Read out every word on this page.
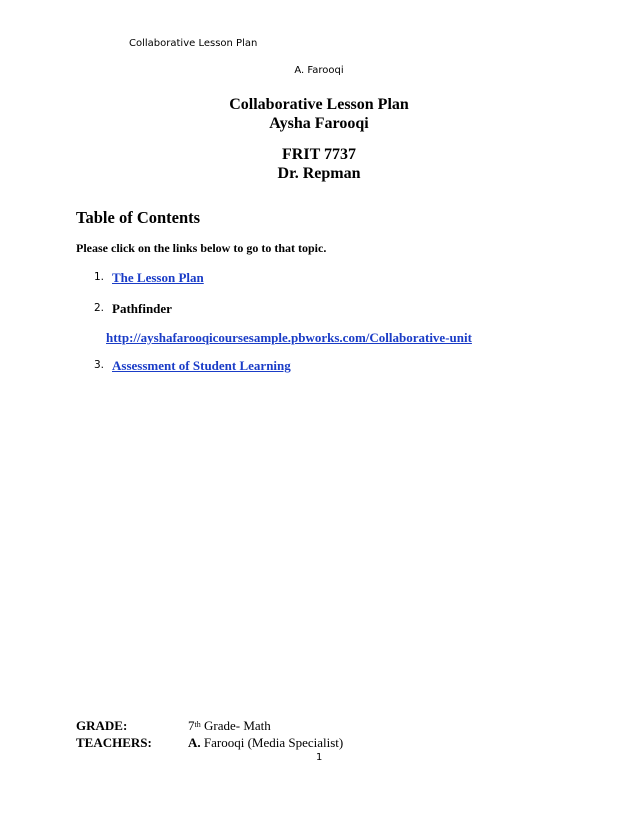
Collaborative Lesson Plan
A. Farooqi
Collaborative Lesson Plan
Aysha Farooqi
FRIT 7737
Dr. Repman
Table of Contents
Please click on the links below to go to that topic.
1. The Lesson Plan
2. Pathfinder
http://ayshafarooqicoursesample.pbworks.com/Collaborative-unit
3. Assessment of Student Learning
GRADE:	7th Grade- Math
TEACHERS:	A. Farooqi (Media Specialist)
1
